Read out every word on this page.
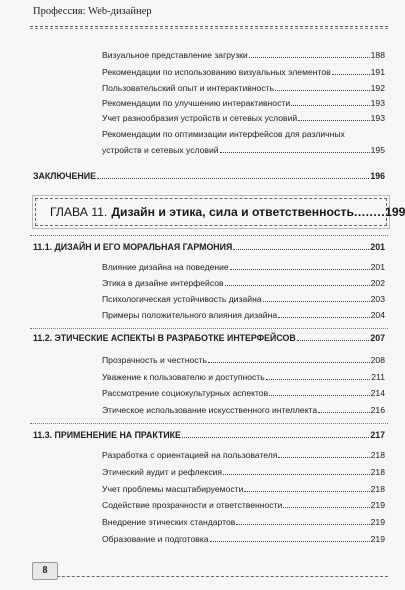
Профессия: Web-дизайнер
Визуальное представление загрузки	188
Рекомендации по использованию визуальных элементов	191
Пользовательский опыт и интерактивность	192
Рекомендации по улучшению интерактивности	193
Учет разнообразия устройств и сетевых условий	193
Рекомендации по оптимизации интерфейсов для различных
устройств и сетевых условий	195
ЗАКЛЮЧЕНИЕ	196
ГЛАВА 11. Дизайн и этика, сила и ответственность ........ 199
11.1. ДИЗАЙН И ЕГО МОРАЛЬНАЯ ГАРМОНИЯ	201
Влияние дизайна на поведение	201
Этика в дизайне интерфейсов	202
Психологическая устойчивость дизайна	203
Примеры положительного влияния дизайна	204
11.2. ЭТИЧЕСКИЕ АСПЕКТЫ В РАЗРАБОТКЕ ИНТЕРФЕЙСОВ	207
Прозрачность и честность	208
Уважение к пользователю и доступность	211
Рассмотрение социокультурных аспектов	214
Этическое использование искусственного интеллекта	216
11.3. ПРИМЕНЕНИЕ НА ПРАКТИКЕ	217
Разработка с ориентацией на пользователя	218
Этический аудит и рефлексия	218
Учет проблемы масштабируемости	218
Содействие прозрачности и ответственности	219
Внедрение этических стандартов	219
Образование и подготовка	219
8
